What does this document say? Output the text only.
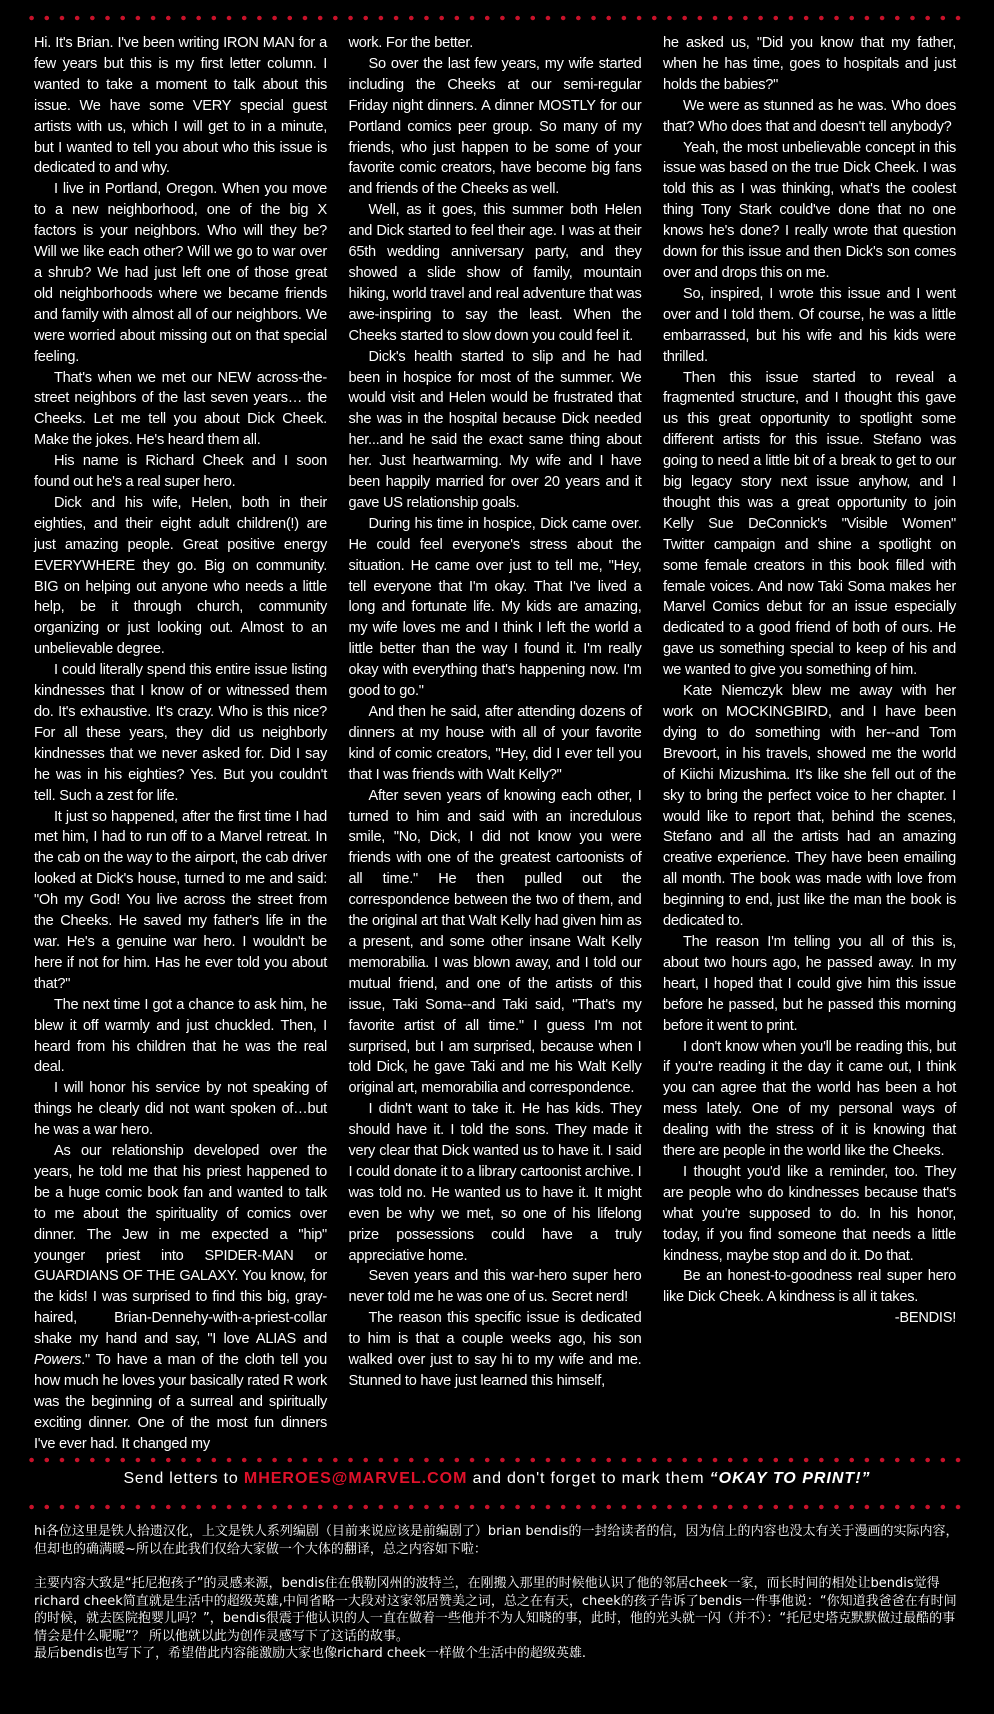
Hi. It's Brian. I've been writing IRON MAN for a few years but this is my first letter column. I wanted to take a moment to talk about this issue. We have some VERY special guest artists with us, which I will get to in a minute, but I wanted to tell you about who this issue is dedicated to and why.

I live in Portland, Oregon. When you move to a new neighborhood, one of the big X factors is your neighbors. Who will they be? Will we like each other? Will we go to war over a shrub? We had just left one of those great old neighborhoods where we became friends and family with almost all of our neighbors. We were worried about missing out on that special feeling.

That's when we met our NEW across-the-street neighbors of the last seven years… the Cheeks. Let me tell you about Dick Cheek. Make the jokes. He's heard them all.

His name is Richard Cheek and I soon found out he's a real super hero.

Dick and his wife, Helen, both in their eighties, and their eight adult children(!) are just amazing people. Great positive energy EVERYWHERE they go. Big on community. BIG on helping out anyone who needs a little help, be it through church, community organizing or just looking out. Almost to an unbelievable degree.

I could literally spend this entire issue listing kindnesses that I know of or witnessed them do. It's exhaustive. It's crazy. Who is this nice? For all these years, they did us neighborly kindnesses that we never asked for. Did I say he was in his eighties? Yes. But you couldn't tell. Such a zest for life.

It just so happened, after the first time I had met him, I had to run off to a Marvel retreat. In the cab on the way to the airport, the cab driver looked at Dick's house, turned to me and said: "Oh my God! You live across the street from the Cheeks. He saved my father's life in the war. He's a genuine war hero. I wouldn't be here if not for him. Has he ever told you about that?"

The next time I got a chance to ask him, he blew it off warmly and just chuckled. Then, I heard from his children that he was the real deal.

I will honor his service by not speaking of things he clearly did not want spoken of…but he was a war hero.

As our relationship developed over the years, he told me that his priest happened to be a huge comic book fan and wanted to talk to me about the spirituality of comics over dinner. The Jew in me expected a "hip" younger priest into SPIDER-MAN or GUARDIANS OF THE GALAXY. You know, for the kids! I was surprised to find this big, gray-haired, Brian-Dennehy-with-a-priest-collar shake my hand and say, "I love ALIAS and Powers." To have a man of the cloth tell you how much he loves your basically rated R work was the beginning of a surreal and spiritually exciting dinner. One of the most fun dinners I've ever had. It changed my

work. For the better.

So over the last few years, my wife started including the Cheeks at our semi-regular Friday night dinners. A dinner MOSTLY for our Portland comics peer group. So many of my friends, who just happen to be some of your favorite comic creators, have become big fans and friends of the Cheeks as well.

Well, as it goes, this summer both Helen and Dick started to feel their age. I was at their 65th wedding anniversary party, and they showed a slide show of family, mountain hiking, world travel and real adventure that was awe-inspiring to say the least. When the Cheeks started to slow down you could feel it.

Dick's health started to slip and he had been in hospice for most of the summer. We would visit and Helen would be frustrated that she was in the hospital because Dick needed her...and he said the exact same thing about her. Just heartwarming. My wife and I have been happily married for over 20 years and it gave US relationship goals.

During his time in hospice, Dick came over. He could feel everyone's stress about the situation. He came over just to tell me, "Hey, tell everyone that I'm okay. That I've lived a long and fortunate life. My kids are amazing, my wife loves me and I think I left the world a little better than the way I found it. I'm really okay with everything that's happening now. I'm good to go."

And then he said, after attending dozens of dinners at my house with all of your favorite kind of comic creators, "Hey, did I ever tell you that I was friends with Walt Kelly?"

After seven years of knowing each other, I turned to him and said with an incredulous smile, "No, Dick, I did not know you were friends with one of the greatest cartoonists of all time." He then pulled out the correspondence between the two of them, and the original art that Walt Kelly had given him as a present, and some other insane Walt Kelly memorabilia. I was blown away, and I told our mutual friend, and one of the artists of this issue, Taki Soma--and Taki said, "That's my favorite artist of all time." I guess I'm not surprised, but I am surprised, because when I told Dick, he gave Taki and me his Walt Kelly original art, memorabilia and correspondence.

I didn't want to take it. He has kids. They should have it. I told the sons. They made it very clear that Dick wanted us to have it. I said I could donate it to a library cartoonist archive. I was told no. He wanted us to have it. It might even be why we met, so one of his lifelong prize possessions could have a truly appreciative home.

Seven years and this war-hero super hero never told me he was one of us. Secret nerd!

The reason this specific issue is dedicated to him is that a couple weeks ago, his son walked over just to say hi to my wife and me. Stunned to have just learned this himself,

he asked us, "Did you know that my father, when he has time, goes to hospitals and just holds the babies?"

We were as stunned as he was. Who does that? Who does that and doesn't tell anybody?

Yeah, the most unbelievable concept in this issue was based on the true Dick Cheek. I was told this as I was thinking, what's the coolest thing Tony Stark could've done that no one knows he's done? I really wrote that question down for this issue and then Dick's son comes over and drops this on me.

So, inspired, I wrote this issue and I went over and I told them. Of course, he was a little embarrassed, but his wife and his kids were thrilled.

Then this issue started to reveal a fragmented structure, and I thought this gave us this great opportunity to spotlight some different artists for this issue. Stefano was going to need a little bit of a break to get to our big legacy story next issue anyhow, and I thought this was a great opportunity to join Kelly Sue DeConnick's "Visible Women" Twitter campaign and shine a spotlight on some female creators in this book filled with female voices. And now Taki Soma makes her Marvel Comics debut for an issue especially dedicated to a good friend of both of ours. He gave us something special to keep of his and we wanted to give you something of him.

Kate Niemczyk blew me away with her work on MOCKINGBIRD, and I have been dying to do something with her--and Tom Brevoort, in his travels, showed me the world of Kiichi Mizushima. It's like she fell out of the sky to bring the perfect voice to her chapter. I would like to report that, behind the scenes, Stefano and all the artists had an amazing creative experience. They have been emailing all month. The book was made with love from beginning to end, just like the man the book is dedicated to.

The reason I'm telling you all of this is, about two hours ago, he passed away. In my heart, I hoped that I could give him this issue before he passed, but he passed this morning before it went to print.

I don't know when you'll be reading this, but if you're reading it the day it came out, I think you can agree that the world has been a hot mess lately. One of my personal ways of dealing with the stress of it is knowing that there are people in the world like the Cheeks.

I thought you'd like a reminder, too. They are people who do kindnesses because that's what you're supposed to do. In his honor, today, if you find someone that needs a little kindness, maybe stop and do it. Do that.

Be an honest-to-goodness real super hero like Dick Cheek. A kindness is all it takes.

-BENDIS!

Send letters to MHEROES@MARVEL.COM and don't forget to mark them “OKAY TO PRINT!”

hi各位这里是铁人拾遗汉化，上文是铁人系列编剧（目前来说应该是前编剧了）brian bendis的一封给读者的信，因为信上的内容也没太有关于漫画的实际内容，但却也的确满暖~所以在此我们仅给大家做一个大体的翻译，总之内容如下啦：

主要内容大致是“托尼抱孩子”的灵感来源，bendis住在俄勒冈州的波特兰，在刚搬入那里的时候他认识了他的邻居cheek一家，而长时间的相处让bendis觉得richard cheek简直就是生活中的超级英雄,中间省略一大段对这家邻居赞美之词，总之在有天，cheek的孩子告诉了bendis一件事他说：“你知道我爸爸在有时间的时候，就去医院抱婴儿吗？”，bendis很震于他认识的人一直在做着一些他并不为人知晓的事，此时，他的光头就一闪（并不）：“托尼史塔克默默做过最酷的事情会是什么呢呢”？ 所以他就以此为创作灵感写下了这话的故事。
最后bendis也写下了，希望借此内容能激励大家也像richard cheek一样做个生活中的超级英雄.
